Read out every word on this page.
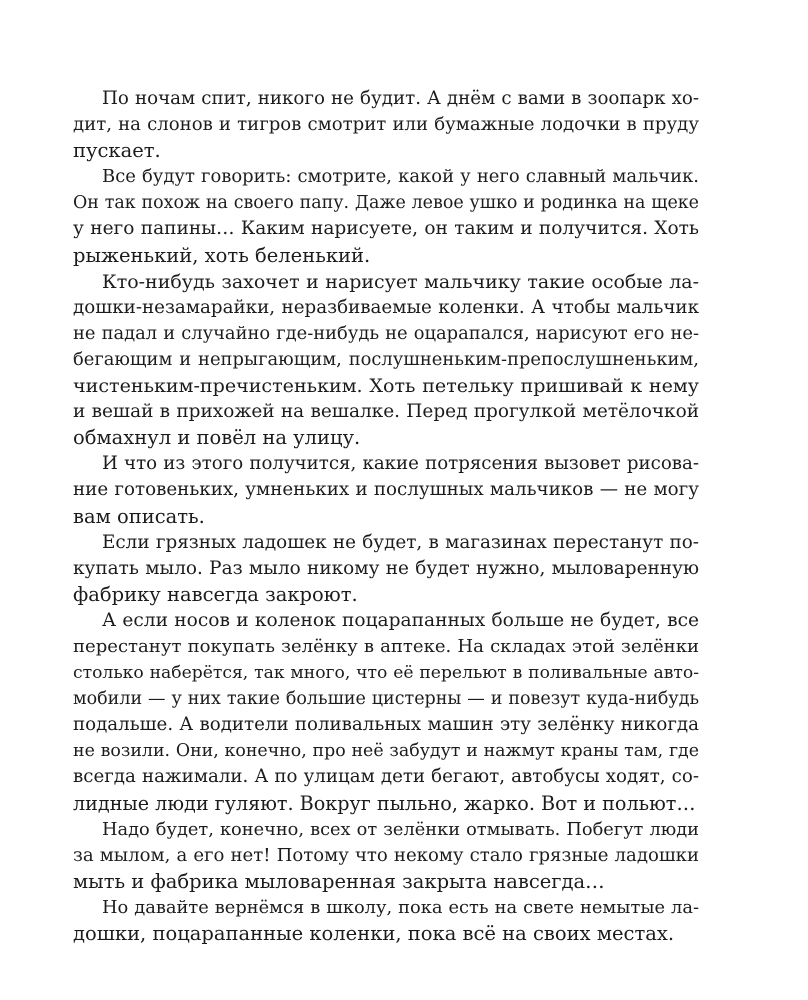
По ночам спит, никого не будит. А днём с вами в зоопарк хо-
дит, на слонов и тигров смотрит или бумажные лодочки в пруду
пускает.

Все будут говорить: смотрите, какой у него славный мальчик.
Он так похож на своего папу. Даже левое ушко и родинка на щеке
у него папины… Каким нарисуете, он таким и получится. Хоть
рыженький, хоть беленький.

Кто-нибудь захочет и нарисует мальчику такие особые ла-
дошки-незамарайки, неразбиваемые коленки. А чтобы мальчик
не падал и случайно где-нибудь не оцарапался, нарисуют его не-
бегающим и непрыгающим, послушненьким-препослушненьким,
чистеньким-пречистеньким. Хоть петельку пришивай к нему
и вешай в прихожей на вешалке. Перед прогулкой метёлочкой
обмахнул и повёл на улицу.

И что из этого получится, какие потрясения вызовет рисова-
ние готовеньких, умненьких и послушных мальчиков — не могу
вам описать.

Если грязных ладошек не будет, в магазинах перестанут по-
купать мыло. Раз мыло никому не будет нужно, мыловаренную
фабрику навсегда закроют.

А если носов и коленок поцарапанных больше не будет, все
перестанут покупать зелёнку в аптеке. На складах этой зелёнки
столько наберётся, так много, что её перельют в поливальные авто-
мобили — у них такие большие цистерны — и повезут куда-нибудь
подальше. А водители поливальных машин эту зелёнку никогда
не возили. Они, конечно, про неё забудут и нажмут краны там, где
всегда нажимали. А по улицам дети бегают, автобусы ходят, со-
лидные люди гуляют. Вокруг пыльно, жарко. Вот и польют…

Надо будет, конечно, всех от зелёнки отмывать. Побегут люди
за мылом, а его нет! Потому что некому стало грязные ладошки
мыть и фабрика мыловаренная закрыта навсегда…

Но давайте вернёмся в школу, пока есть на свете немытые ла-
дошки, поцарапанные коленки, пока всё на своих местах.
